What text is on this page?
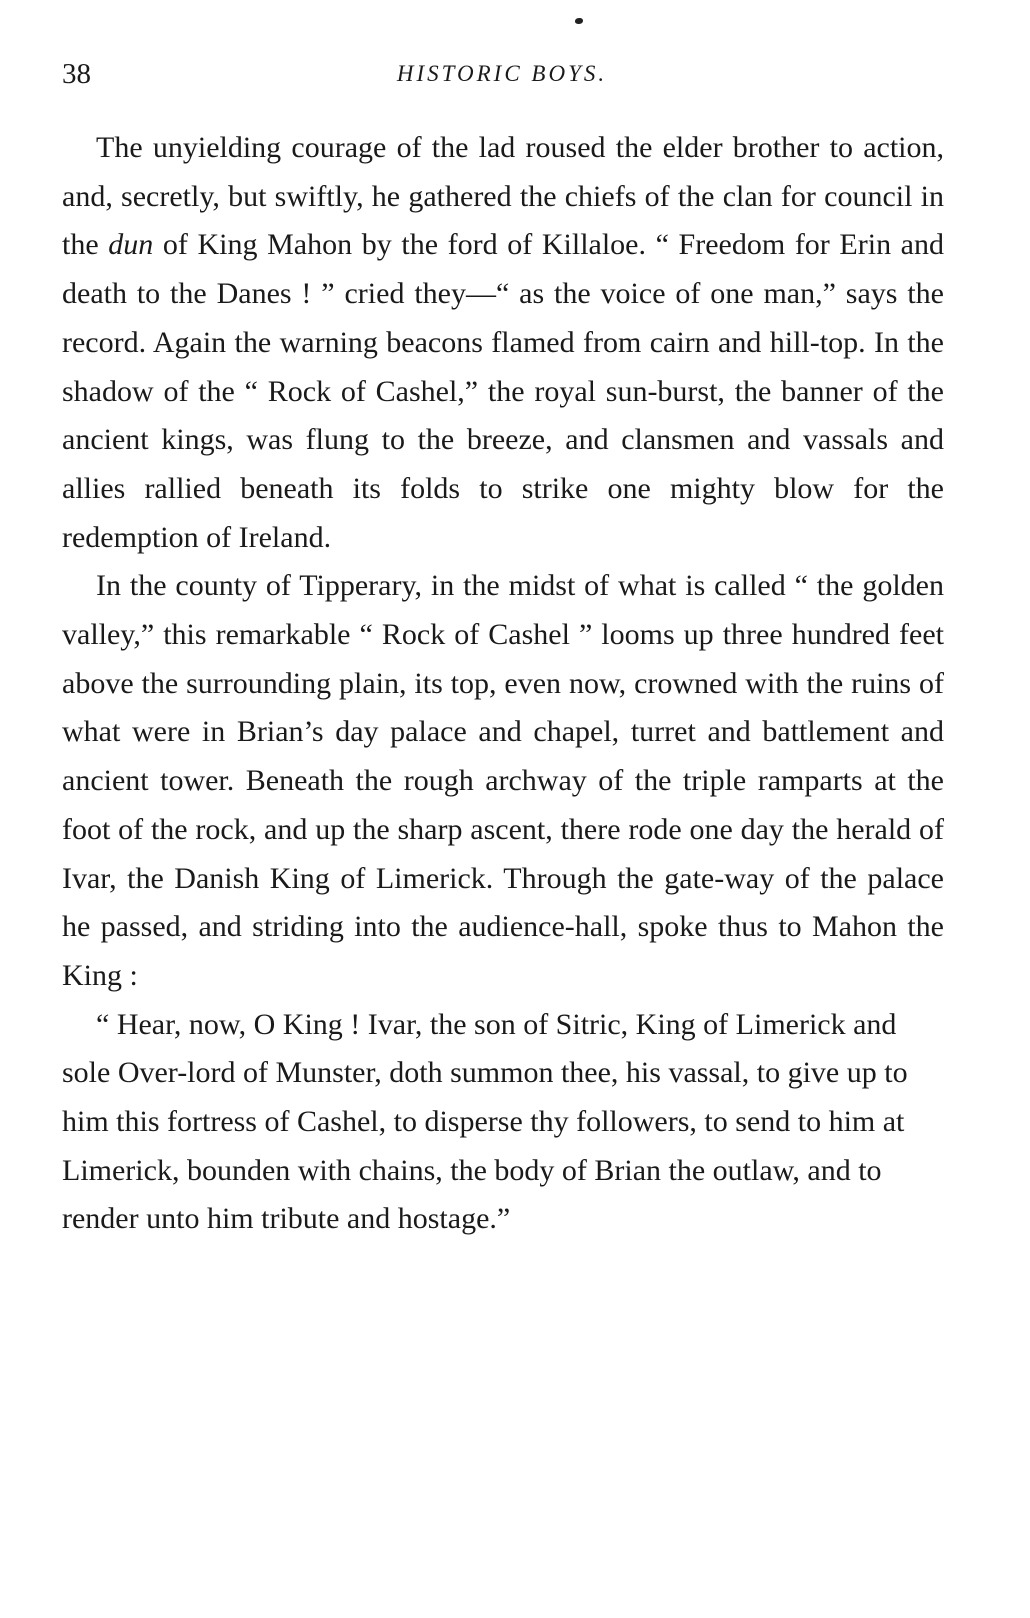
38	HISTORIC BOYS.

The unyielding courage of the lad roused the elder brother to action, and, secretly, but swiftly, he gathered the chiefs of the clan for council in the dun of King Mahon by the ford of Killaloe. “ Freedom for Erin and death to the Danes ! ” cried they—“ as the voice of one man,” says the record. Again the warning beacons flamed from cairn and hill-top. In the shadow of the “ Rock of Cashel,” the royal sun-burst, the banner of the ancient kings, was flung to the breeze, and clansmen and vassals and allies rallied beneath its folds to strike one mighty blow for the redemption of Ireland.

In the county of Tipperary, in the midst of what is called “ the golden valley,” this remarkable “ Rock of Cashel ” looms up three hundred feet above the surrounding plain, its top, even now, crowned with the ruins of what were in Brian’s day palace and chapel, turret and battlement and ancient tower. Beneath the rough archway of the triple ramparts at the foot of the rock, and up the sharp ascent, there rode one day the herald of Ivar, the Danish King of Limerick. Through the gate-way of the palace he passed, and striding into the audience-hall, spoke thus to Mahon the King :

“ Hear, now, O King ! Ivar, the son of Sitric, King of Limerick and sole Over-lord of Munster, doth summon thee, his vassal, to give up to him this fortress of Cashel, to disperse thy followers, to send to him at Limerick, bounden with chains, the body of Brian the outlaw, and to render unto him tribute and hostage.”
